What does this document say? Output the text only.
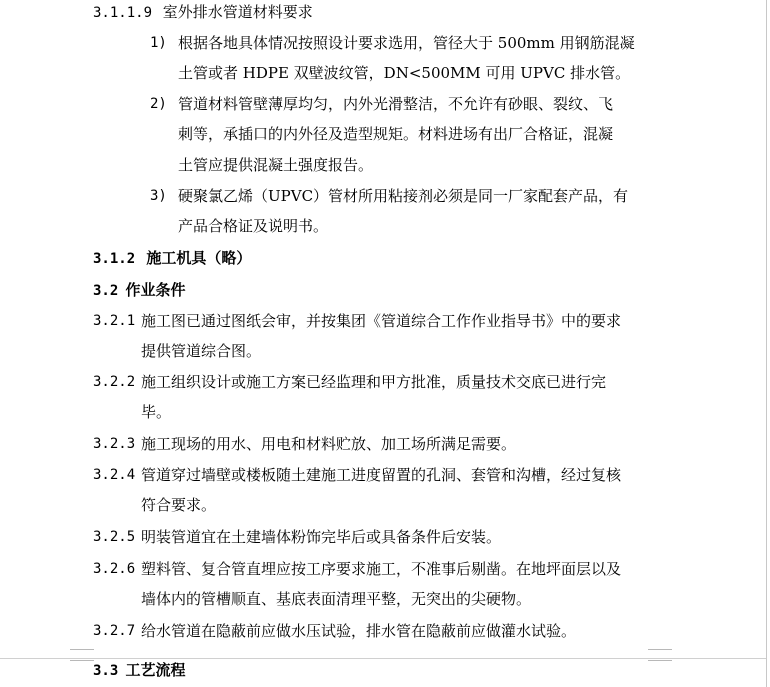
3.1.1.9 室外排水管道材料要求
1) 根据各地具体情况按照设计要求选用，管径大于 500mm 用钢筋混凝
土管或者 HDPE 双壁波纹管，DN<500MM 可用 UPVC 排水管。
2) 管道材料管壁薄厚均匀，内外光滑整洁，不允许有砂眼、裂纹、飞
刺等，承插口的内外径及造型规矩。材料进场有出厂合格证，混凝
土管应提供混凝土强度报告。
3) 硬聚氯乙烯（UPVC）管材所用粘接剂必须是同一厂家配套产品，有
产品合格证及说明书。
3.1.2 施工机具（略）
3.2 作业条件
3.2.1 施工图已通过图纸会审，并按集团《管道综合工作作业指导书》中的要求
提供管道综合图。
3.2.2 施工组织设计或施工方案已经监理和甲方批准，质量技术交底已进行完
毕。
3.2.3 施工现场的用水、用电和材料贮放、加工场所满足需要。
3.2.4 管道穿过墙壁或楼板随土建施工进度留置的孔洞、套管和沟槽，经过复核
符合要求。
3.2.5 明装管道宜在土建墙体粉饰完毕后或具备条件后安装。
3.2.6 塑料管、复合管直埋应按工序要求施工，不准事后剔凿。在地坪面层以及
墙体内的管槽顺直、基底表面清理平整，无突出的尖硬物。
3.2.7 给水管道在隐蔽前应做水压试验，排水管在隐蔽前应做灌水试验。
3.3 工艺流程
